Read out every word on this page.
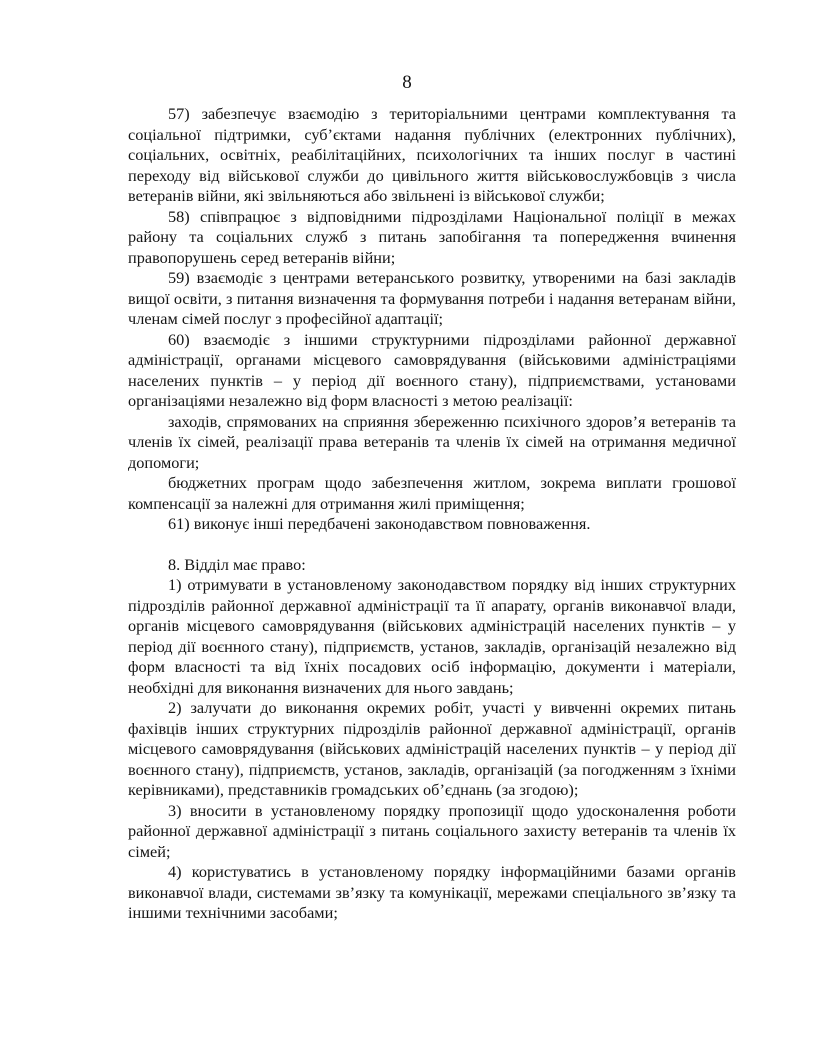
8

57) забезпечує взаємодію з територіальними центрами комплектування та соціальної підтримки, суб’єктами надання публічних (електронних публічних), соціальних, освітніх, реабілітаційних, психологічних та інших послуг в частині переходу від військової служби до цивільного життя військовослужбовців з числа ветеранів війни, які звільняються або звільнені із військової служби;

58) співпрацює з відповідними підрозділами Національної поліції в межах району та соціальних служб з питань запобігання та попередження вчинення правопорушень серед ветеранів війни;

59) взаємодіє з центрами ветеранського розвитку, утвореними на базі закладів вищої освіти, з питання визначення та формування потреби і надання ветеранам війни, членам сімей послуг з професійної адаптації;

60) взаємодіє з іншими структурними підрозділами районної державної адміністрації, органами місцевого самоврядування (військовими адміністраціями населених пунктів – у період дії воєнного стану), підприємствами, установами організаціями незалежно від форм власності з метою реалізації:

заходів, спрямованих на сприяння збереженню психічного здоров’я ветеранів та членів їх сімей, реалізації права ветеранів та членів їх сімей на отримання медичної допомоги;

бюджетних програм щодо забезпечення житлом, зокрема виплати грошової компенсації за належні для отримання жилі приміщення;

61) виконує інші передбачені законодавством повноваження.

8. Відділ має право:

1) отримувати в установленому законодавством порядку від інших структурних підрозділів районної державної адміністрації та її апарату, органів виконавчої влади, органів місцевого самоврядування (військових адміністрацій населених пунктів – у період дії воєнного стану), підприємств, установ, закладів, організацій незалежно від форм власності та від їхніх посадових осіб інформацію, документи і матеріали, необхідні для виконання визначених для нього завдань;

2) залучати до виконання окремих робіт, участі у вивченні окремих питань фахівців інших структурних підрозділів районної державної адміністрації, органів місцевого самоврядування (військових адміністрацій населених пунктів – у період дії воєнного стану), підприємств, установ, закладів, організацій (за погодженням з їхніми керівниками), представників громадських об’єднань (за згодою);

3) вносити в установленому порядку пропозиції щодо удосконалення роботи районної державної адміністрації з питань соціального захисту ветеранів та членів їх сімей;

4) користуватись в установленому порядку інформаційними базами органів виконавчої влади, системами зв’язку та комунікації, мережами спеціального зв’язку та іншими технічними засобами;
